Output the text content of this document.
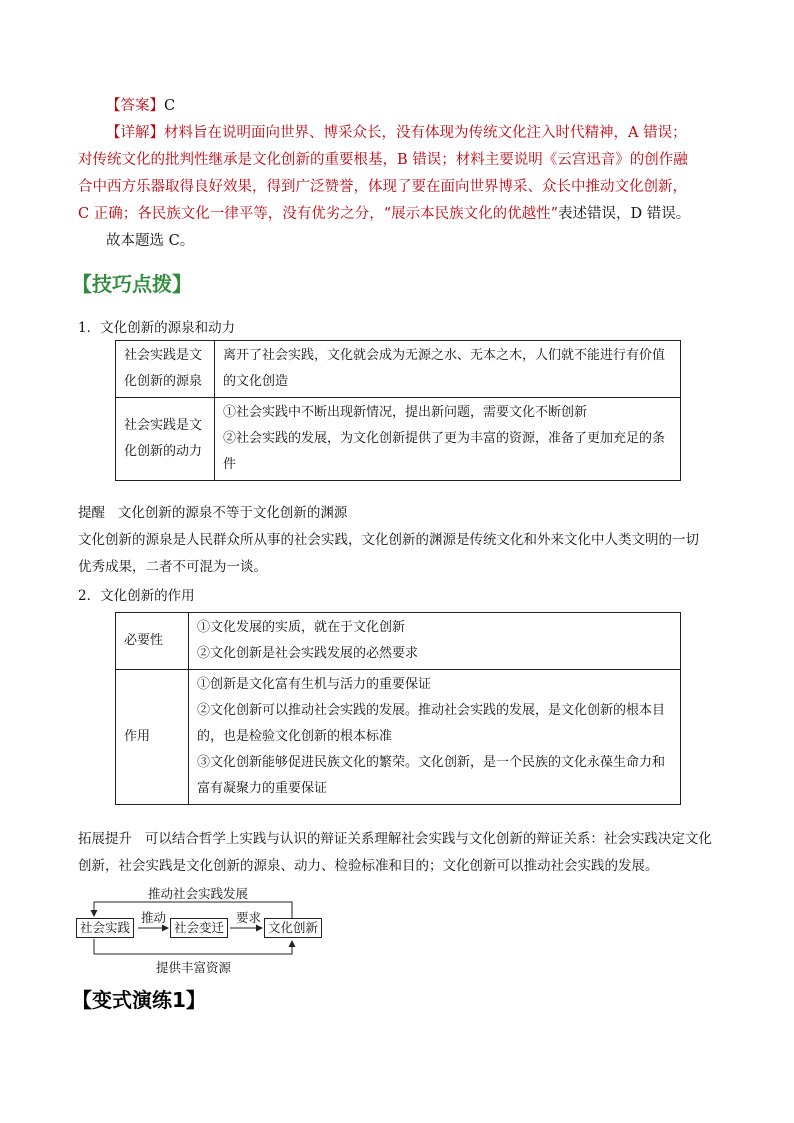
【答案】C

【详解】材料旨在说明面向世界、博采众长，没有体现为传统文化注入时代精神，A 错误；对传统文化的批判性继承是文化创新的重要根基，B 错误；材料主要说明《云宫迅音》的创作融合中西方乐器取得良好效果，得到广泛赞誉，体现了要在面向世界博采、众长中推动文化创新，C 正确；各民族文化一律平等，没有优劣之分，“展示本民族文化的优越性”表述错误，D 错误。

故本题选 C。

【技巧点拨】
1．文化创新的源泉和动力
社会实践是文化创新的源泉	离开了社会实践，文化就会成为无源之水、无本之木，人们就不能进行有价值的文化创造
社会实践是文化创新的动力	①社会实践中不断出现新情况，提出新问题，需要文化不断创新
②社会实践的发展，为文化创新提供了更为丰富的资源，准备了更加充足的条件
提醒 文化创新的源泉不等于文化创新的渊源
文化创新的源泉是人民群众所从事的社会实践，文化创新的渊源是传统文化和外来文化中人类文明的一切优秀成果，二者不可混为一谈。
2．文化创新的作用
必要性	①文化发展的实质，就在于文化创新
②文化创新是社会实践发展的必然要求

作用	①创新是文化富有生机与活力的重要保证
②文化创新可以推动社会实践的发展。推动社会实践的发展，是文化创新的根本目的，也是检验文化创新的根本标准
③文化创新能够促进民族文化的繁荣。文化创新，是一个民族的文化永葆生命力和富有凝聚力的重要保证
拓展提升 可以结合哲学上实践与认识的辩证关系理解社会实践与文化创新的辩证关系：社会实践决定文化创新，社会实践是文化创新的源泉、动力、检验标准和目的；文化创新可以推动社会实践的发展。
推动社会实践发展
社会实践
推动
社会变迁
要求
文化创新
提供丰富资源
【变式演练1】
